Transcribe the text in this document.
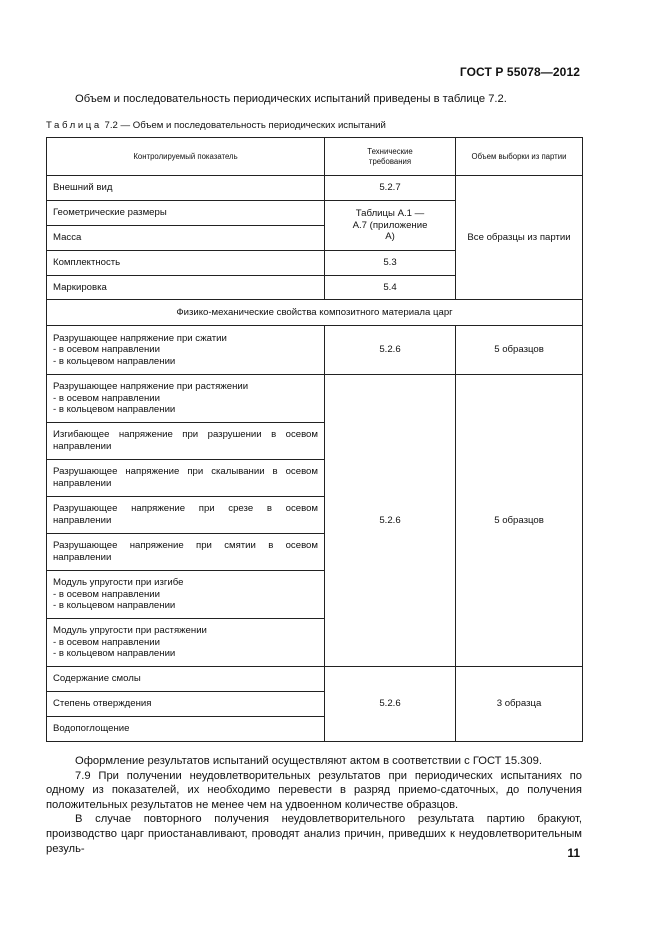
ГОСТ Р 55078—2012
Объем и последовательность периодических испытаний приведены в таблице 7.2.
Таблица 7.2 — Объем и последовательность периодических испытаний
Контролируемый показатель	Технические требования	Объем выборки из партии
Внешний вид	5.2.7	Все образцы из партии
Геометрические размеры	Таблицы А.1 — А.7 (приложение А)	
Масса		
Комплектность	5.3	
Маркировка	5.4	
Физико-механические свойства композитного материала царг		
Разрушающее напряжение при сжатии
- в осевом направлении
- в кольцевом направлении	5.2.6	5 образцов
Разрушающее напряжение при растяжении
- в осевом направлении
- в кольцевом направлении	5.2.6	5 образцов
Изгибающее напряжение при разрушении в осевом направлении		
Разрушающее напряжение при скалывании в осевом направлении		
Разрушающее напряжение при срезе в осевом направлении		
Разрушающее напряжение при смятии в осевом направлении		
Модуль упругости при изгибе
- в осевом направлении
- в кольцевом направлении		
Модуль упругости при растяжении
- в осевом направлении
- в кольцевом направлении		
Содержание смолы	5.2.6	3 образца
Степень отверждения		
Водопоглощение		

Оформление результатов испытаний осуществляют актом в соответствии с ГОСТ 15.309.

7.9 При получении неудовлетворительных результатов при периодических испытаниях по одному из показателей, их необходимо перевести в разряд приемо-сдаточных, до получения положительных результатов не менее чем на удвоенном количестве образцов.

В случае повторного получения неудовлетворительного результата партию бракуют, производство царг приостанавливают, проводят анализ причин, приведших к неудовлетворительным резуль-	11
